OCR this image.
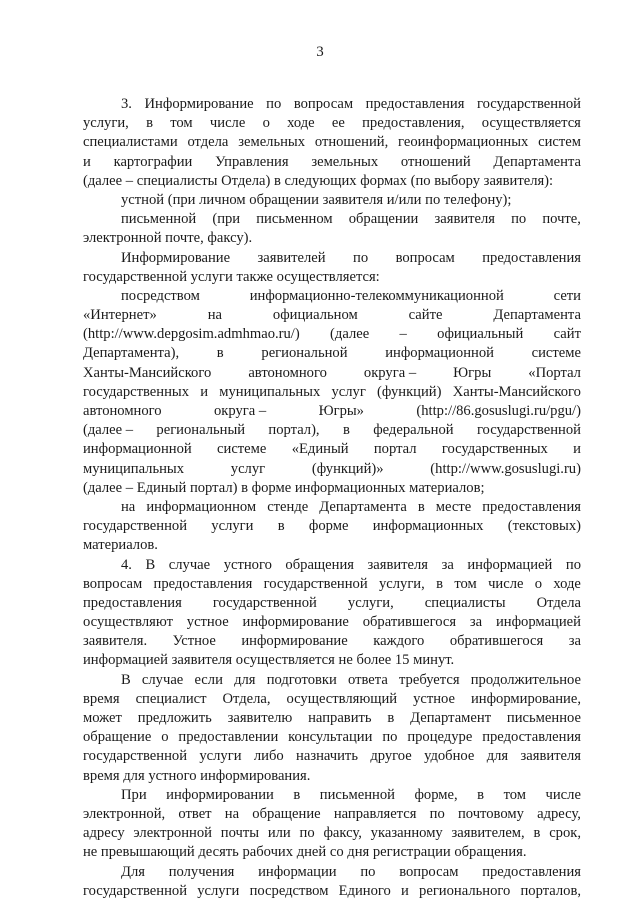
3
3. Информирование по вопросам предоставления государственной
услуги, в том числе о ходе ее предоставления, осуществляется
специалистами отдела земельных отношений, геоинформационных систем
и картографии Управления земельных отношений Департамента
(далее – специалисты Отдела) в следующих формах (по выбору заявителя):
устной (при личном обращении заявителя и/или по телефону);
письменной (при письменном обращении заявителя по почте,
электронной почте, факсу).
Информирование заявителей по вопросам предоставления
государственной услуги также осуществляется:
посредством	информационно-телекоммуникационной	сети
«Интернет»	на	официальном	сайте	Департамента
(http://www.depgosim.admhmao.ru/) (далее – официальный сайт
Департамента),	в	региональной	информационной	системе
Ханты-Мансийского	автономного	округа –	Югры	«Портал
государственных и муниципальных услуг (функций) Ханты-Мансийского
автономного	округа –	Югры»	(http://86.gosuslugi.ru/pgu/)
(далее – региональный портал), в федеральной государственной
информационной системе «Единый портал государственных и
муниципальных	услуг	(функций)»	(http://www.gosuslugi.ru)
(далее – Единый портал) в форме информационных материалов;
на информационном стенде Департамента в месте предоставления
государственной услуги в форме информационных (текстовых)
материалов.
4. В случае устного обращения заявителя за информацией по
вопросам предоставления государственной услуги, в том числе о ходе
предоставления государственной услуги, специалисты Отдела
осуществляют устное информирование обратившегося за информацией
заявителя. Устное информирование каждого обратившегося за
информацией заявителя осуществляется не более 15 минут.
В случае если для подготовки ответа требуется продолжительное
время специалист Отдела, осуществляющий устное информирование,
может предложить заявителю направить в Департамент письменное
обращение о предоставлении консультации по процедуре предоставления
государственной услуги либо назначить другое удобное для заявителя
время для устного информирования.
При информировании в письменной форме, в том числе
электронной, ответ на обращение направляется по почтовому адресу,
адресу электронной почты или по факсу, указанному заявителем, в срок,
не превышающий десять рабочих дней со дня регистрации обращения.
Для получения информации по вопросам предоставления
государственной услуги посредством Единого и регионального порталов,
